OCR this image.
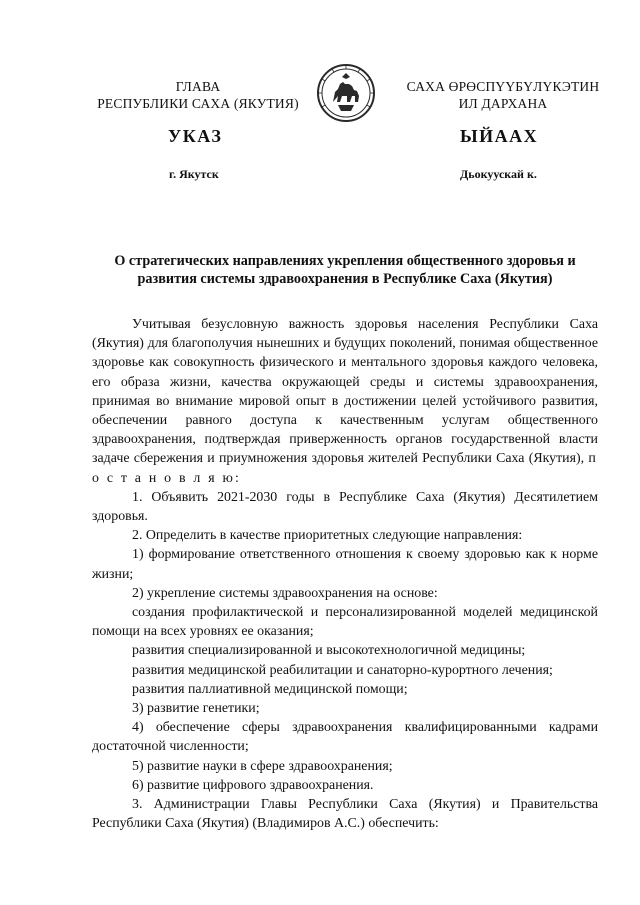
ГЛАВА
РЕСПУБЛИКИ САХА (ЯКУТИЯ)
САХА ӨРӨСПҮҮБҮЛҮКЭТИН
ИЛ ДАРХАНА
УКАЗ	ЫЙААХ
г. Якутск	Дьокуускай к.
О стратегических направлениях укрепления общественного здоровья и
развития системы здравоохранения в Республике Саха (Якутия)

Учитывая безусловную важность здоровья населения Республики Саха (Якутия) для благополучия нынешних и будущих поколений, понимая общественное здоровье как совокупность физического и ментального здоровья каждого человека, его образа жизни, качества окружающей среды и системы здравоохранения, принимая во внимание мировой опыт в достижении целей устойчивого развития, обеспечении равного доступа к качественным услугам общественного здравоохранения, подтверждая приверженность органов государственной власти задаче сбережения и приумножения здоровья жителей Республики Саха (Якутия), п о с т а н о в л я ю:

1. Объявить 2021-2030 годы в Республике Саха (Якутия) Десятилетием здоровья.

2. Определить в качестве приоритетных следующие направления:

1) формирование ответственного отношения к своему здоровью как к норме жизни;

2) укрепление системы здравоохранения на основе:

создания профилактической и персонализированной моделей медицинской помощи на всех уровнях ее оказания;

развития специализированной и высокотехнологичной медицины;

развития медицинской реабилитации и санаторно-курортного лечения;

развития паллиативной медицинской помощи;

3) развитие генетики;

4) обеспечение сферы здравоохранения квалифицированными кадрами достаточной численности;

5) развитие науки в сфере здравоохранения;

6) развитие цифрового здравоохранения.

3. Администрации Главы Республики Саха (Якутия) и Правительства Республики Саха (Якутия) (Владимиров А.С.) обеспечить:
